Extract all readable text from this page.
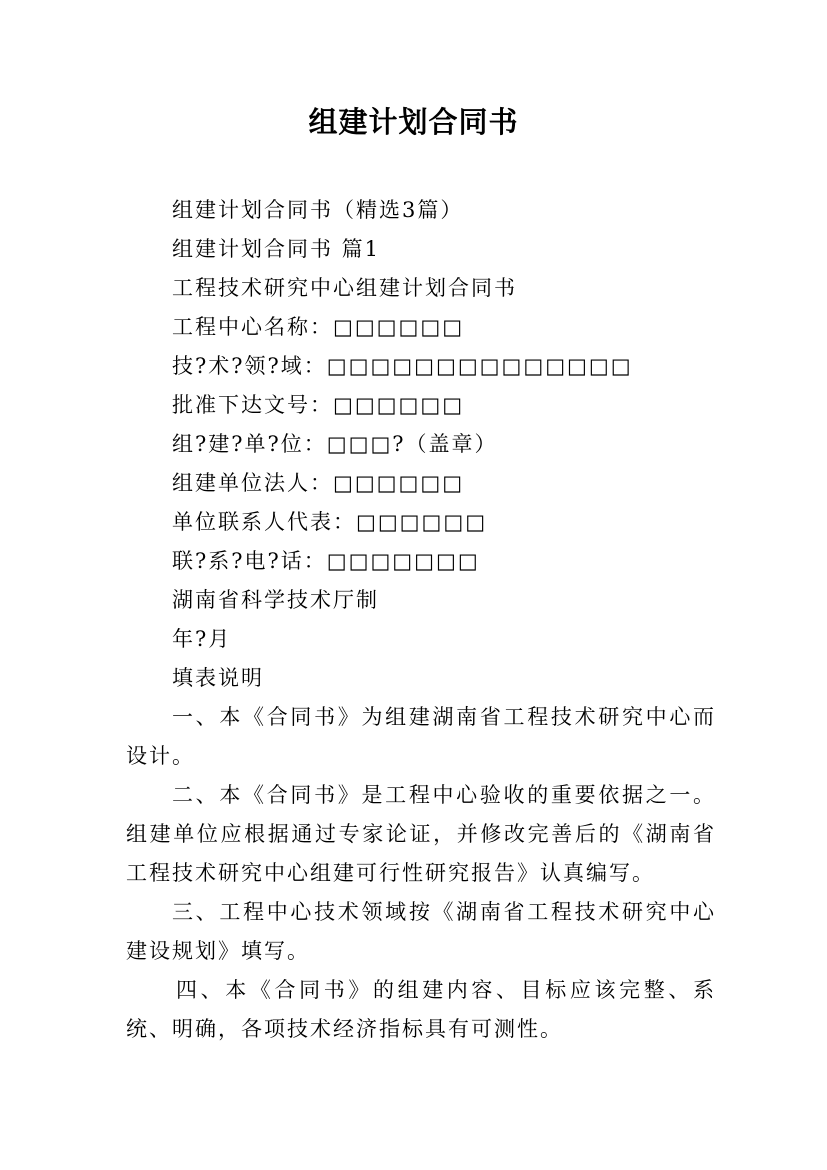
组建计划合同书

组建计划合同书（精选3篇）

组建计划合同书 篇1

工程技术研究中心组建计划合同书

工程中心名称：□□□□□□

技?术?领?域：□□□□□□□□□□□□□□

批准下达文号：□□□□□□

组?建?单?位：□□□?（盖章）

组建单位法人：□□□□□□

单位联系人代表：□□□□□□

联?系?电?话：□□□□□□□

湖南省科学技术厅制

年?月

填表说明

一、本《合同书》为组建湖南省工程技术研究中心而设计。

二、本《合同书》是工程中心验收的重要依据之一。组建单位应根据通过专家论证，并修改完善后的《湖南省工程技术研究中心组建可行性研究报告》认真编写。

三、工程中心技术领域按《湖南省工程技术研究中心建设规划》填写。

四、本《合同书》的组建内容、目标应该完整、系统、明确，各项技术经济指标具有可测性。
